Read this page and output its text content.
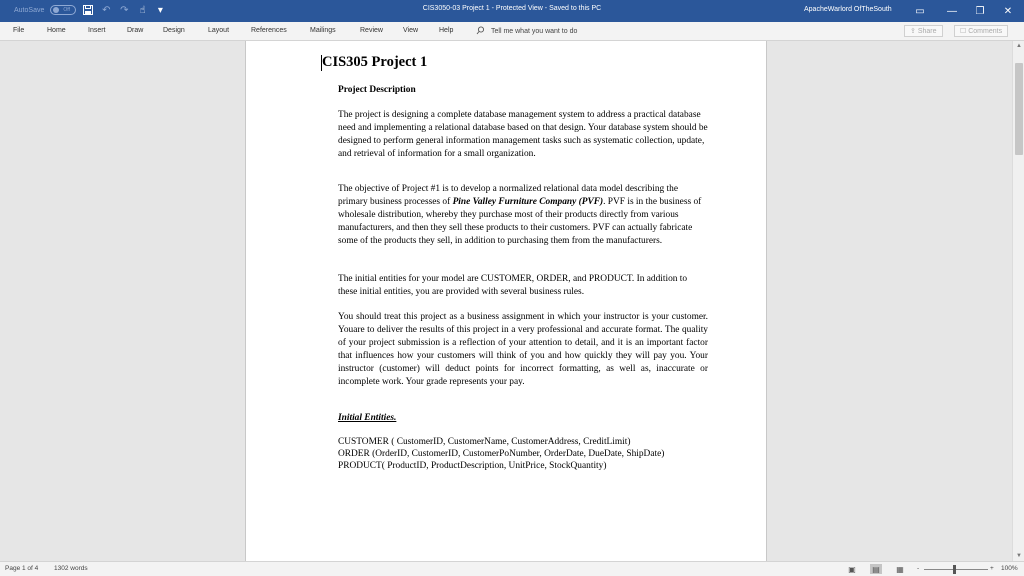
AutoSave	Off	↶ ↷ ☝	▾	CIS3050-03 Project 1 - Protected View - Saved to this PC	ApacheWarlord OfTheSouth	▭	—	❐	✕
File	Home	Insert	Draw	Design	Layout	References	Mailings	Review	View	Help	Tell me what you want to do	⇪ Share	☐ Comments
CIS305 Project 1
Project Description
The project is designing a complete database management system to address a practical database need and implementing a relational database based on that design. Your database system should be designed to perform general information management tasks such as systematic collection, update, and retrieval of information for a small organization.
The objective of Project #1 is to develop a normalized relational data model describing the primary business processes of Pine Valley Furniture Company (PVF). PVF is in the business of wholesale distribution, whereby they purchase most of their products directly from various manufacturers, and then they sell these products to their customers. PVF can actually fabricate some of the products they sell, in addition to purchasing them from the manufacturers.
The initial entities for your model are CUSTOMER, ORDER, and PRODUCT. In addition to these initial entities, you are provided with several business rules.
You should treat this project as a business assignment in which your instructor is your customer. Youare to deliver the results of this project in a very professional and accurate format. The quality of your project submission is a reflection of your attention to detail, and it is an important factor that influences how your customers will think of you and how quickly they will pay you. Your instructor (customer) will deduct points for incorrect formatting, as well as, inaccurate or incomplete work. Your grade represents your pay.
Initial Entities.
CUSTOMER ( CustomerID, CustomerName, CustomerAddress, CreditLimit)
ORDER (OrderID, CustomerID, CustomerPoNumber, OrderDate, DueDate, ShipDate)
PRODUCT( ProductID, ProductDescription, UnitPrice, StockQuantity)
▲
▼
Page 1 of 4 1302 words	▣ ▤ ▦	-	+ 100%
